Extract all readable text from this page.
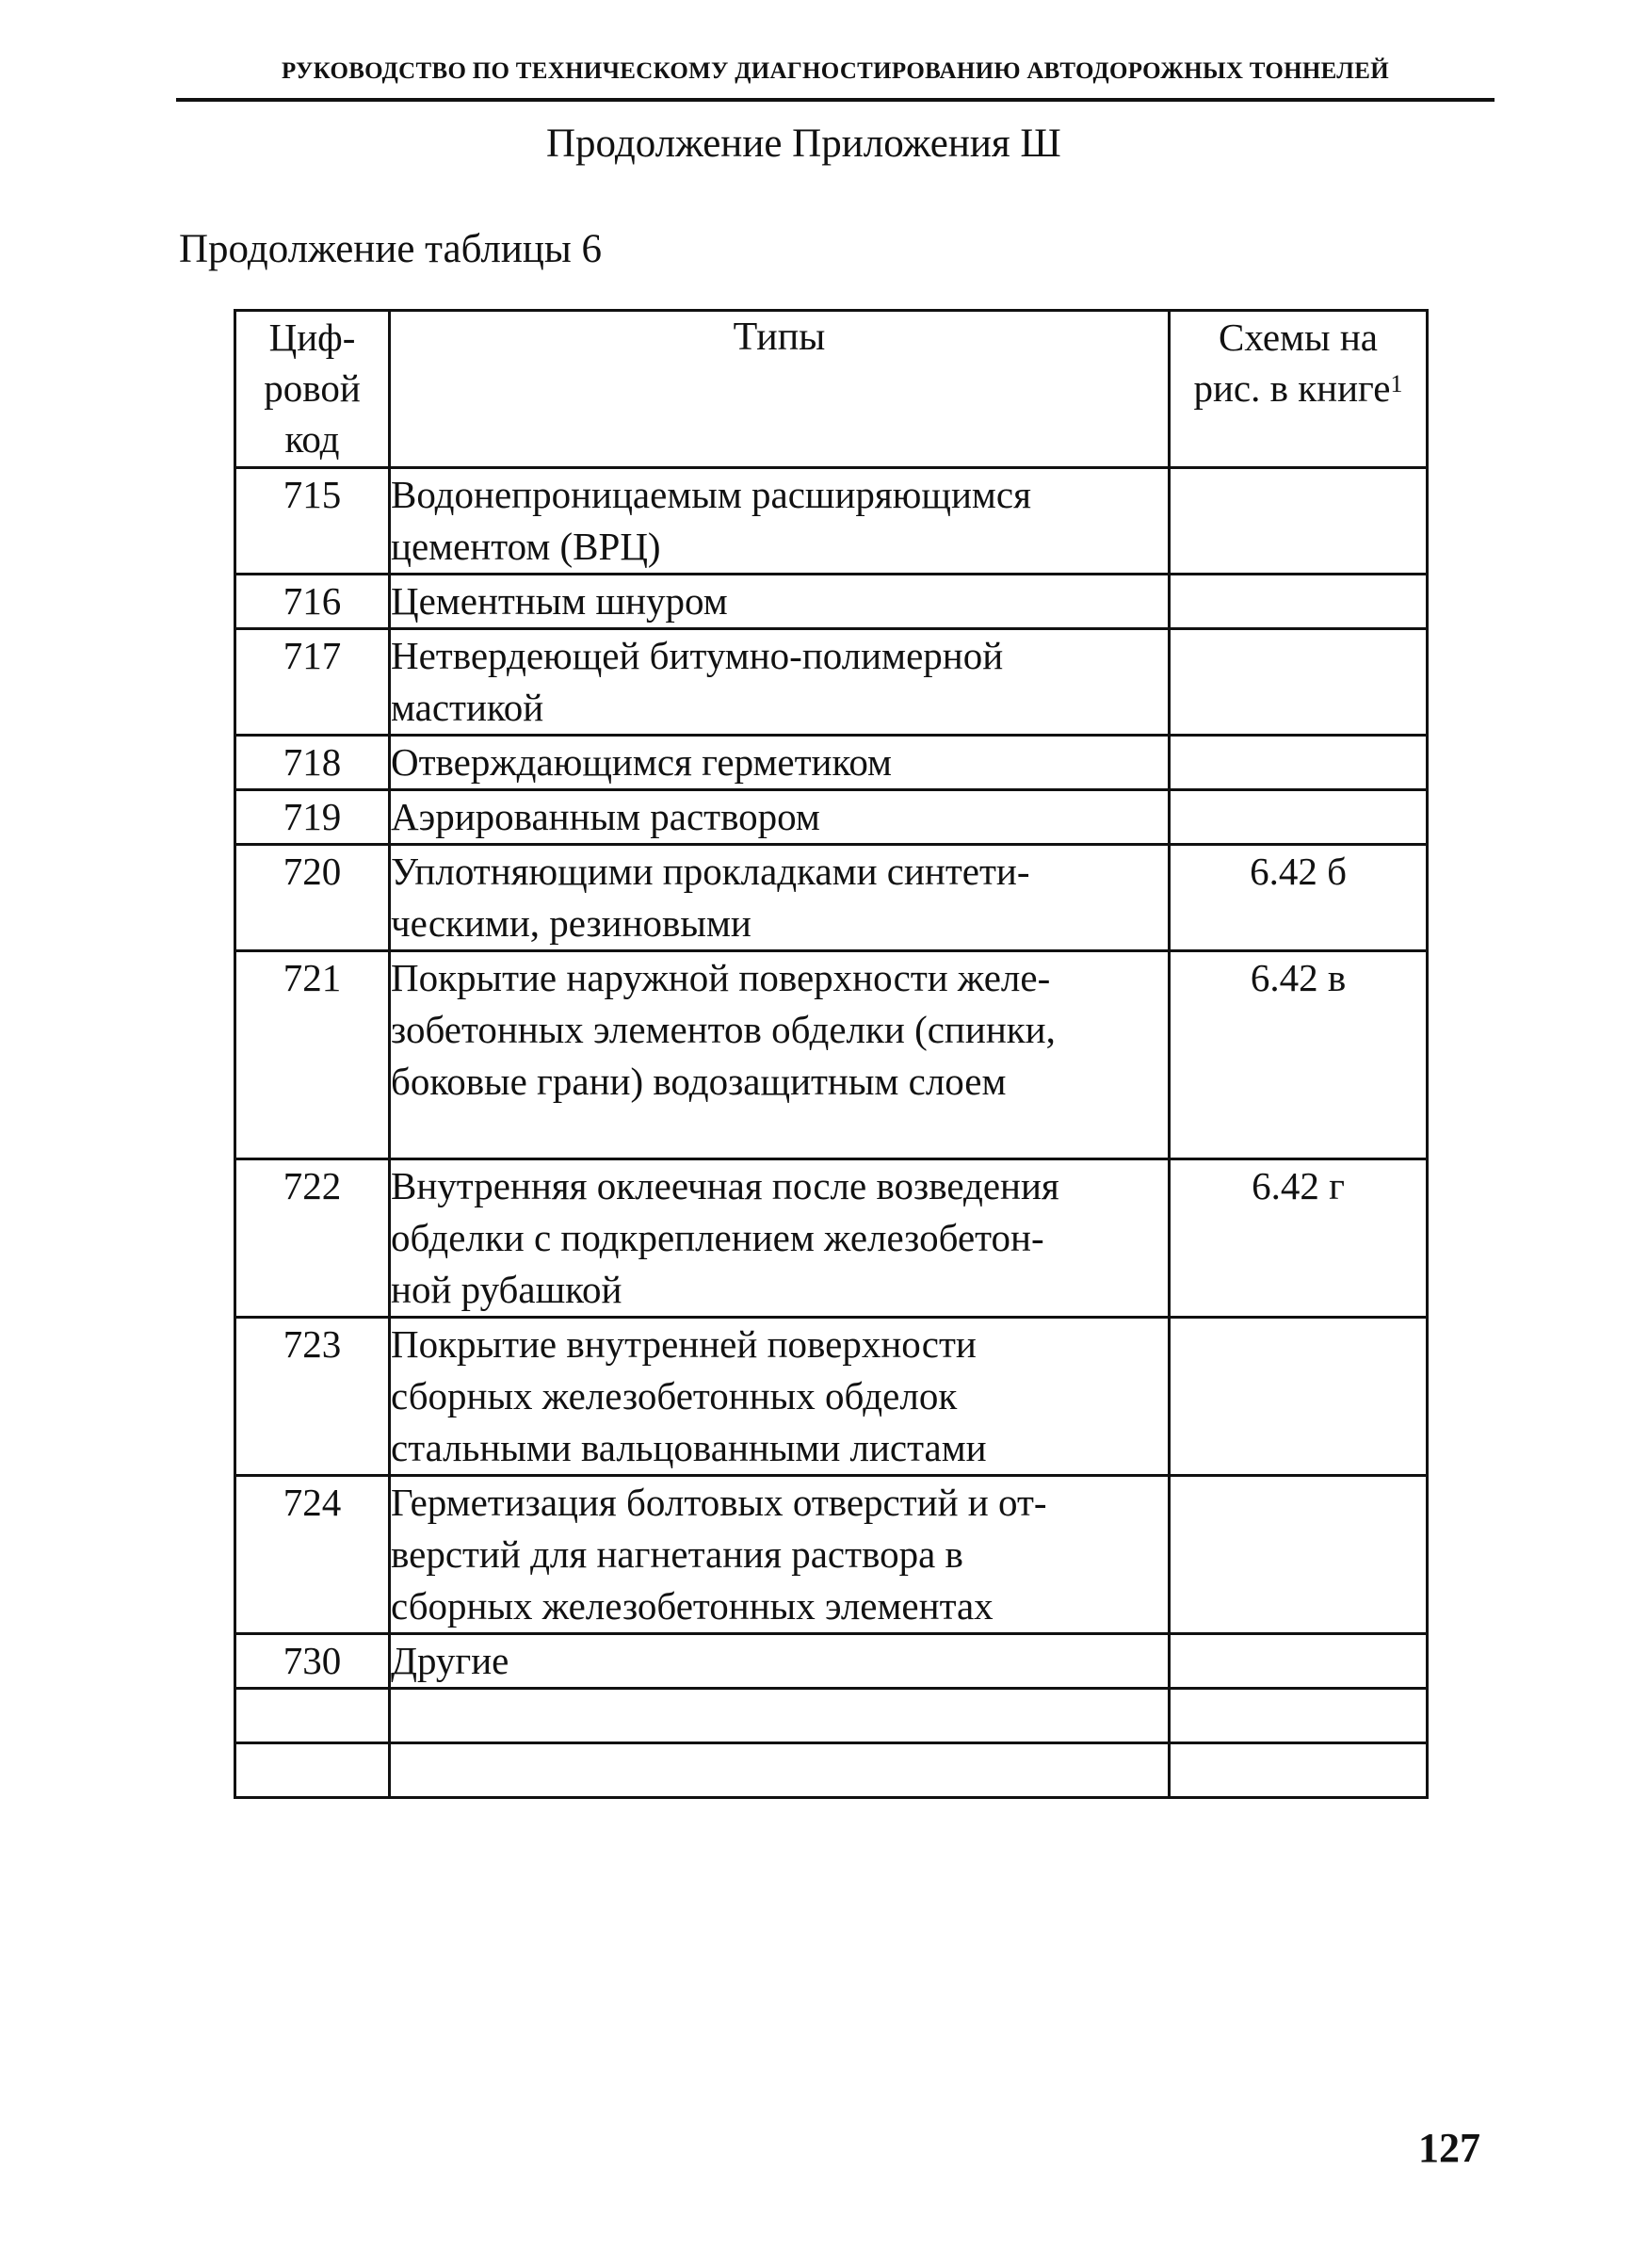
РУКОВОДСТВО ПО ТЕХНИЧЕСКОМУ ДИАГНОСТИРОВАНИЮ АВТОДОРОЖНЫХ ТОННЕЛЕЙ
Продолжение Приложения Ш
Продолжение таблицы 6
Циф-
ровой
код	Типы	Схемы на
рис. в книге$^1$
715	Водонепроницаемым расширяющимся
цементом (ВРЦ)	

716	Цементным шнуром	

717	Нетвердеющей битумно-полимерной
мастикой	

718	Отверждающимся герметиком	

719	Аэрированным раствором	

720	Уплотняющими прокладками синтети-
ческими, резиновыми	6.42 б
721	Покрытие наружной поверхности желе-
зобетонных элементов обделки (спинки,
боковые грани) водозащитным слоем	6.42 в
722	Внутренняя оклеечная после возведения
обделки с подкреплением железобетон-
ной рубашкой	6.42 г
723	Покрытие внутренней поверхности
сборных железобетонных обделок
стальными вальцованными листами	

724	Герметизация болтовых отверстий и от-
верстий для нагнетания раствора в
сборных железобетонных элементах	

730	Другие	

127
